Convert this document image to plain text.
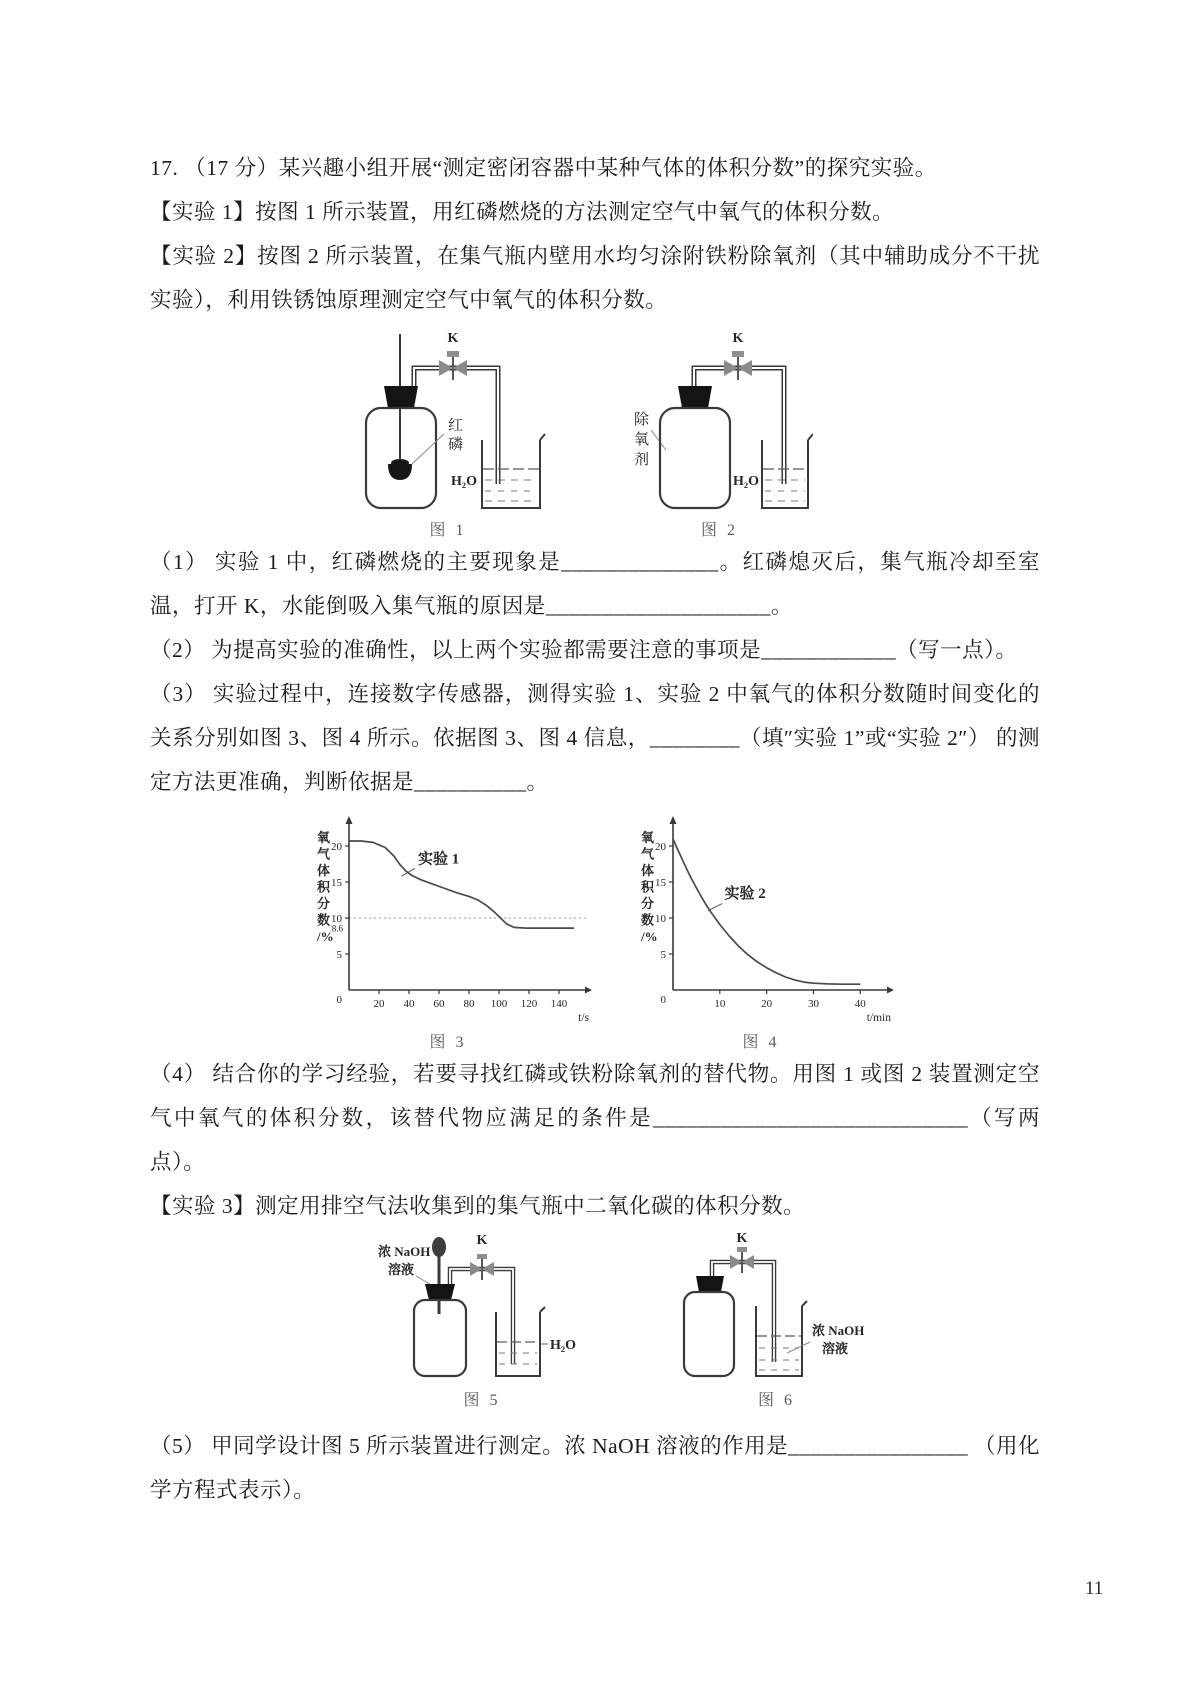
17. （17 分）某兴趣小组开展“测定密闭容器中某种气体的体积分数”的探究实验。

【实验 1】按图 1 所示装置，用红磷燃烧的方法测定空气中氧气的体积分数。

【实验 2】按图 2 所示装置，在集气瓶内壁用水均匀涂附铁粉除氧剂（其中辅助成分不干扰实验），利用铁锈蚀原理测定空气中氧气的体积分数。

K
红
磷
H₂O
图 1
K
除
氧
剂
H₂O
图 2

（1） 实验 1 中，红磷燃烧的主要现象是______________。红磷熄灭后，集气瓶冷却至室温，打开 K，水能倒吸入集气瓶的原因是____________________。

（2） 为提高实验的准确性，以上两个实验都需要注意的事项是____________（写一点）。

（3） 实验过程中，连接数字传感器，测得实验 1、实验 2 中氧气的体积分数随时间变化的关系分别如图 3、图 4 所示。依据图 3、图 4 信息，________（填″实验 1”或“实验 2″） 的测定方法更准确，判断依据是__________。

5
10
15
20
8.6
0	20 40 60 80 100 120 140
t/s
实验 1
氧气体积分数/%
图 3
5
10
15
20
0	10	20	30	40
t/min
实验 2
氧气体积分数/%
图 4

（4） 结合你的学习经验，若要寻找红磷或铁粉除氧剂的替代物。用图 1 或图 2 装置测定空气中氧气的体积分数，该替代物应满足的条件是____________________________（写两点）。

【实验 3】测定用排空气法收集到的集气瓶中二氧化碳的体积分数。

浓 NaOH
溶液
K
H₂O
图 5
K
浓 NaOH
溶液
图 6

（5） 甲同学设计图 5 所示装置进行测定。浓 NaOH 溶液的作用是________________ （用化学方程式表示）。

11
